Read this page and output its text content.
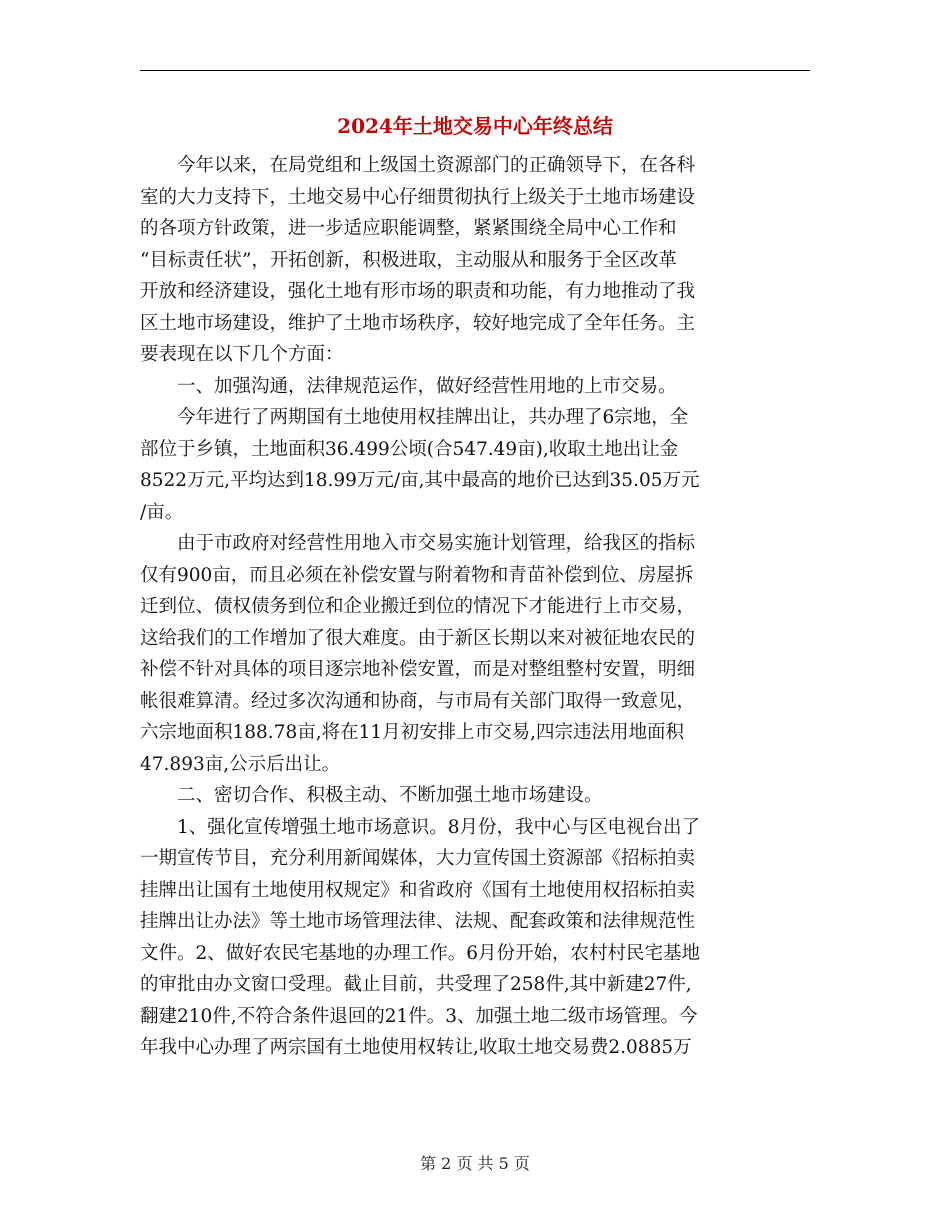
2024年土地交易中心年终总结
　　今年以来，在局党组和上级国土资源部门的正确领导下，在各科
室的大力支持下，土地交易中心仔细贯彻执行上级关于土地市场建设
的各项方针政策，进一步适应职能调整，紧紧围绕全局中心工作和
“目标责任状”，开拓创新，积极进取，主动服从和服务于全区改革
开放和经济建设，强化土地有形市场的职责和功能，有力地推动了我
区土地市场建设，维护了土地市场秩序，较好地完成了全年任务。主
要表现在以下几个方面：
　　一、加强沟通，法律规范运作，做好经营性用地的上市交易。
　　今年进行了两期国有土地使用权挂牌出让，共办理了6宗地，全
部位于乡镇，土地面积36.499公顷(合547.49亩),收取土地出让金
8522万元,平均达到18.99万元/亩,其中最高的地价已达到35.05万元
/亩。
　　由于市政府对经营性用地入市交易实施计划管理，给我区的指标
仅有900亩，而且必须在补偿安置与附着物和青苗补偿到位、房屋拆
迁到位、债权债务到位和企业搬迁到位的情况下才能进行上市交易，
这给我们的工作增加了很大难度。由于新区长期以来对被征地农民的
补偿不针对具体的项目逐宗地补偿安置，而是对整组整村安置，明细
帐很难算清。经过多次沟通和协商，与市局有关部门取得一致意见，
六宗地面积188.78亩,将在11月初安排上市交易,四宗违法用地面积
47.893亩,公示后出让。
　　二、密切合作、积极主动、不断加强土地市场建设。
　　1、强化宣传增强土地市场意识。8月份，我中心与区电视台出了
一期宣传节目，充分利用新闻媒体，大力宣传国土资源部《招标拍卖
挂牌出让国有土地使用权规定》和省政府《国有土地使用权招标拍卖
挂牌出让办法》等土地市场管理法律、法规、配套政策和法律规范性
文件。2、做好农民宅基地的办理工作。6月份开始，农村村民宅基地
的审批由办文窗口受理。截止目前，共受理了258件,其中新建27件,
翻建210件,不符合条件退回的21件。3、加强土地二级市场管理。今
年我中心办理了两宗国有土地使用权转让,收取土地交易费2.0885万
第 2 页 共 5 页
